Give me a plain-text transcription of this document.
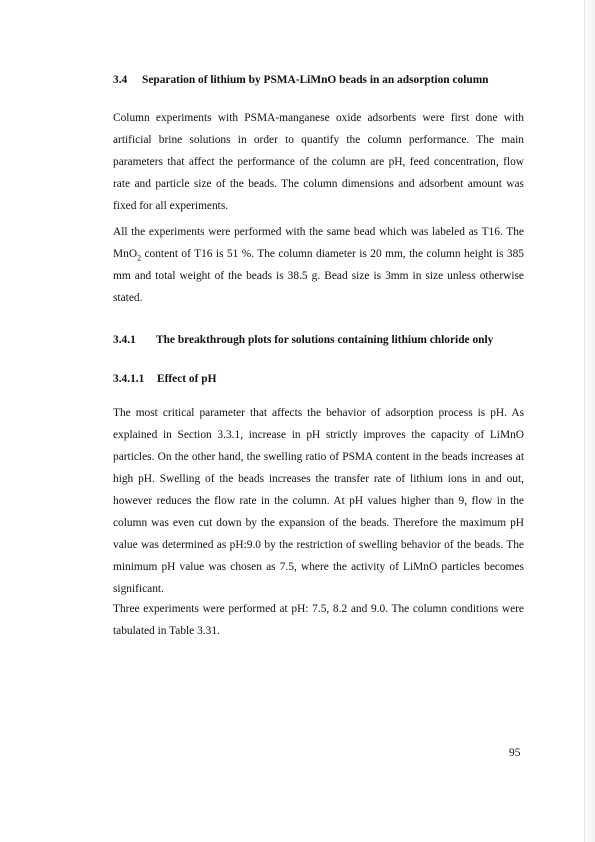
3.4 Separation of lithium by PSMA-LiMnO beads in an adsorption column

Column experiments with PSMA-manganese oxide adsorbents were first done with artificial brine solutions in order to quantify the column performance. The main parameters that affect the performance of the column are pH, feed concentration, flow rate and particle size of the beads. The column dimensions and adsorbent amount was fixed for all experiments.

All the experiments were performed with the same bead which was labeled as T16. The MnO$_2$ content of T16 is 51 %. The column diameter is 20 mm, the column height is 385 mm and total weight of the beads is 38.5 g. Bead size is 3mm in size unless otherwise stated.

3.4.1 The breakthrough plots for solutions containing lithium chloride only
3.4.1.1 Effect of pH

The most critical parameter that affects the behavior of adsorption process is pH. As explained in Section 3.3.1, increase in pH strictly improves the capacity of LiMnO particles. On the other hand, the swelling ratio of PSMA content in the beads increases at high pH. Swelling of the beads increases the transfer rate of lithium ions in and out, however reduces the flow rate in the column. At pH values higher than 9, flow in the column was even cut down by the expansion of the beads. Therefore the maximum pH value was determined as pH:9.0 by the restriction of swelling behavior of the beads. The minimum pH value was chosen as 7.5, where the activity of LiMnO particles becomes significant.

Three experiments were performed at pH: 7.5, 8.2 and 9.0. The column conditions were tabulated in Table 3.31.

95
